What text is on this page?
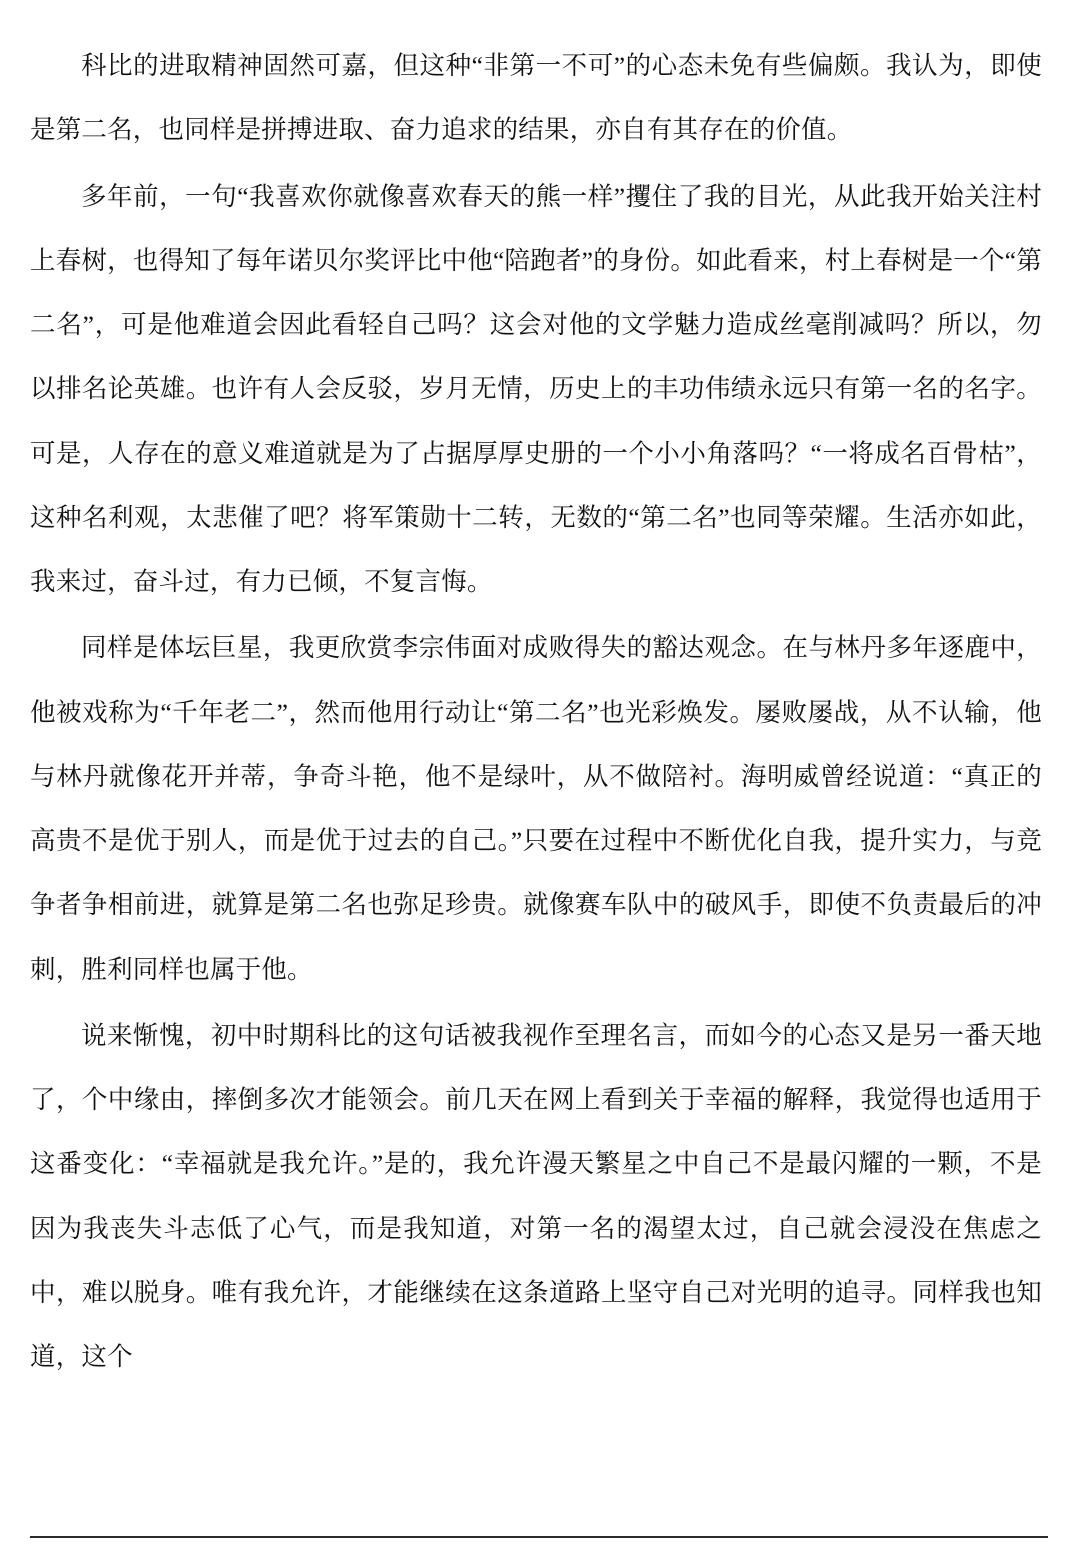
科比的进取精神固然可嘉，但这种“非第一不可”的心态未免有些偏颇。我认为，即使是第二名，也同样是拼搏进取、奋力追求的结果，亦自有其存在的价值。

多年前，一句“我喜欢你就像喜欢春天的熊一样”攫住了我的目光，从此我开始关注村上春树，也得知了每年诺贝尔奖评比中他“陪跑者”的身份。如此看来，村上春树是一个“第二名”，可是他难道会因此看轻自己吗？这会对他的文学魅力造成丝毫削减吗？所以，勿以排名论英雄。也许有人会反驳，岁月无情，历史上的丰功伟绩永远只有第一名的名字。可是，人存在的意义难道就是为了占据厚厚史册的一个小小角落吗？“一将成名百骨枯”，这种名利观，太悲催了吧？将军策勋十二转，无数的“第二名”也同等荣耀。生活亦如此，我来过，奋斗过，有力已倾，不复言悔。

同样是体坛巨星，我更欣赏李宗伟面对成败得失的豁达观念。在与林丹多年逐鹿中，他被戏称为“千年老二”，然而他用行动让“第二名”也光彩焕发。屡败屡战，从不认输，他与林丹就像花开并蒂，争奇斗艳，他不是绿叶，从不做陪衬。海明威曾经说道：“真正的高贵不是优于别人，而是优于过去的自己。”只要在过程中不断优化自我，提升实力，与竞争者争相前进，就算是第二名也弥足珍贵。就像赛车队中的破风手，即使不负责最后的冲刺，胜利同样也属于他。

说来惭愧，初中时期科比的这句话被我视作至理名言，而如今的心态又是另一番天地了，个中缘由，摔倒多次才能领会。前几天在网上看到关于幸福的解释，我觉得也适用于这番变化：“幸福就是我允许。”是的，我允许漫天繁星之中自己不是最闪耀的一颗，不是因为我丧失斗志低了心气，而是我知道，对第一名的渴望太过，自己就会浸没在焦虑之中，难以脱身。唯有我允许，才能继续在这条道路上坚守自己对光明的追寻。同样我也知道，这个
